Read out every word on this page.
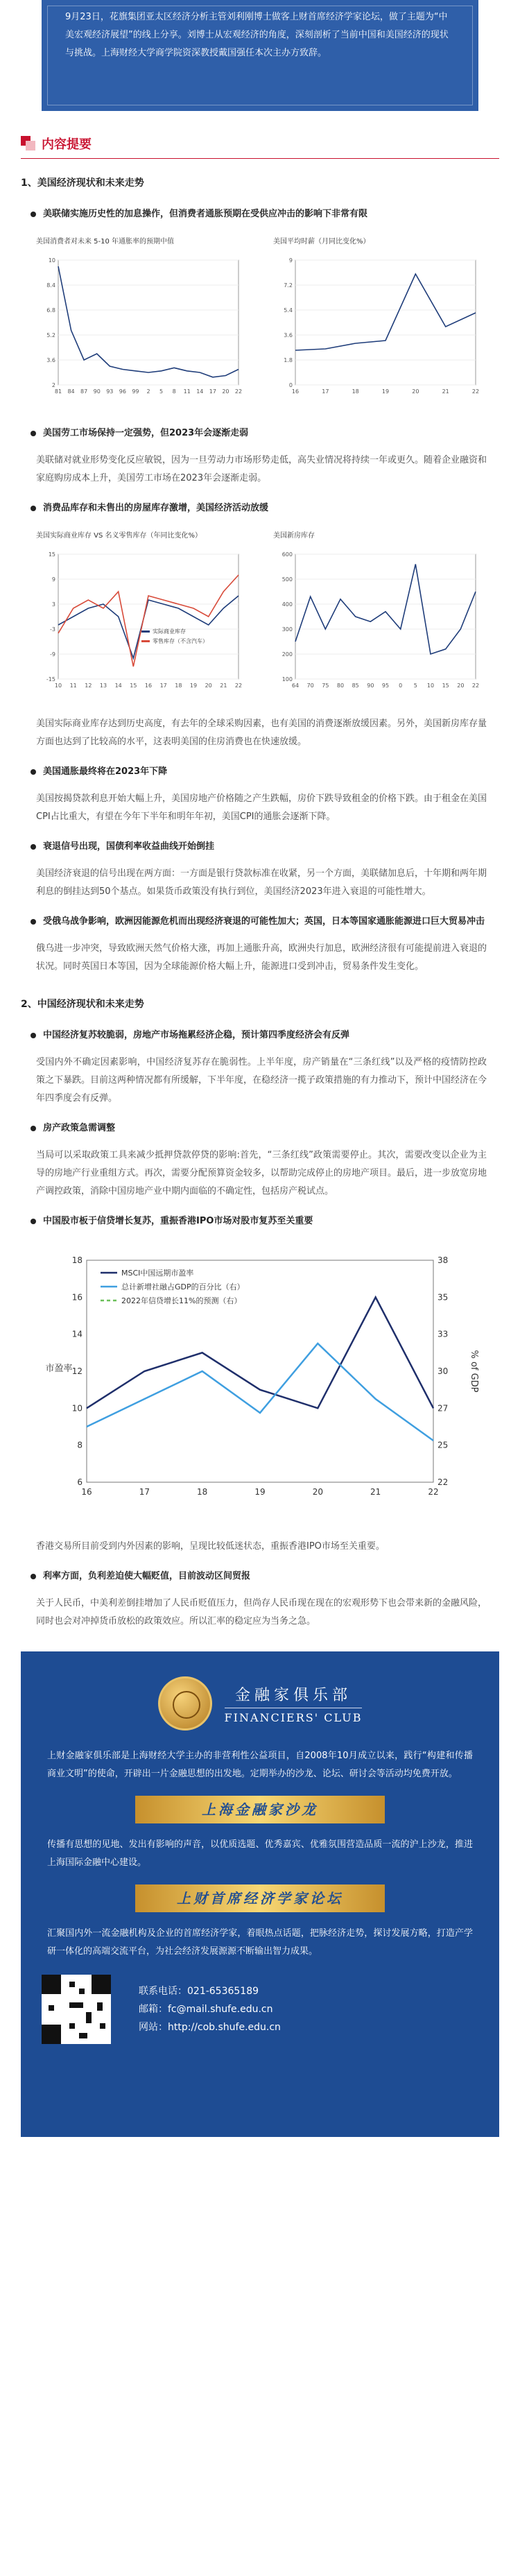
9月23日，花旗集团亚太区经济分析主管刘利刚博士做客上财首席经济学家论坛，做了主题为“中美宏观经济展望”的线上分享。刘博士从宏观经济的角度，深刻剖析了当前中国和美国经济的现状与挑战。上海财经大学商学院资深教授戴国强任本次主办方致辞。

内容提要
1、美国经济现状和未来走势
美联储实施历史性的加息操作，但消费者通胀预期在受供应冲击的影响下非常有限
2
3.6
5.2
6.8
8.4
10
81 84 87 90 93 96 99 2 5 8 11 14 17 20 22
美国消费者对未来 5-10 年通胀率的预期中值
0
1.8
3.6
5.4
7.2
9
16	17	18	19	20	21	22
美国平均时薪（月同比变化%）
美国劳工市场保持一定强势，但2023年会逐渐走弱

美联储对就业形势变化反应敏锐，因为一旦劳动力市场形势走低，高失业情况将持续一年或更久。随着企业融资和家庭购房成本上升，美国劳工市场在2023年会逐渐走弱。

消费品库存和未售出的房屋库存激增，美国经济活动放缓
-15
-9
-3
3
9
15
10 11 12 13 14 15 16 17 18 19 20 21 22
实际商业库存
零售库存（不含汽车）
美国实际商业库存 VS 名义零售库存（年同比变化%）
100
200
300
400
500
600
64 70 75 80 85 90 95 0 5 10 15 20 22
美国新房库存

美国实际商业库存达到历史高度，有去年的全球采购因素，也有美国的消费逐渐放缓因素。另外，美国新房库存量方面也达到了比较高的水平，这表明美国的住房消费也在快速放缓。

美国通胀最终将在2023年下降

美国按揭贷款利息开始大幅上升，美国房地产价格随之产生跌幅，房价下跌导致租金的价格下跌。由于租金在美国CPI占比重大，有望在今年下半年和明年年初，美国CPI的通胀会逐渐下降。

衰退信号出现，国债利率收益曲线开始倒挂

美国经济衰退的信号出现在两方面：一方面是银行贷款标准在收紧，另一个方面，美联储加息后，十年期和两年期利息的倒挂达到50个基点。如果货币政策没有执行到位，美国经济2023年进入衰退的可能性增大。

受俄乌战争影响，欧洲因能源危机而出现经济衰退的可能性加大；英国，日本等国家通胀能源进口巨大贸易冲击

俄乌进一步冲突，导致欧洲天然气价格大涨，再加上通胀升高，欧洲央行加息，欧洲经济很有可能提前进入衰退的状况。同时英国日本等国，因为全球能源价格大幅上升，能源进口受到冲击，贸易条件发生变化。

2、中国经济现状和未来走势
中国经济复苏较脆弱，房地产市场拖累经济企稳，预计第四季度经济会有反弹

受国内外不确定因素影响，中国经济复苏存在脆弱性。上半年度，房产销量在“三条红线”以及严格的疫情防控政策之下暴跌。目前这两种情况都有所缓解，下半年度，在稳经济一揽子政策措施的有力推动下，预计中国经济在今年四季度会有反弹。

房产政策急需调整

当局可以采取政策工具来减少抵押贷款停贷的影响:首先，“三条红线”政策需要停止。其次，需要改变以企业为主导的房地产行业重组方式。再次，需要分配预算资金较多，以帮助完成停止的房地产项目。最后，进一步放宽房地产调控政策，消除中国房地产业中期内面临的不确定性，包括房产税试点。

中国股市板于信贷增长复苏，重振香港IPO市场对股市复苏至关重要
6	22
8	25
10	27
12	30
14	33
16	35
18	38
16	17	18	19	20	21	22
市盈率	% of GDP
MSCI中国远期市盈率
总计新增社融占GDP的百分比（右）
2022年信贷增长11%的预测（右）

香港交易所目前受到内外因素的影响，呈现比较低迷状态，重振香港IPO市场至关重要。

利率方面，负利差迫使大幅贬值，目前波动区间贸报

关于人民币，中美利差倒挂增加了人民币贬值压力，但尚存人民币现在现在的宏观形势下也会带来新的金融风险，同时也会对冲掉货币放松的政策效应。所以汇率的稳定应为当务之急。

金融家俱乐部
FINANCIERS' CLUB

上财金融家俱乐部是上海财经大学主办的非营利性公益项目，自2008年10月成立以来，践行“构建和传播商业文明”的使命，开辟出一片金融思想的出发地。定期举办的沙龙、论坛、研讨会等活动均免费开放。

上海金融家沙龙

传播有思想的见地、发出有影响的声音，以优质选题、优秀嘉宾、优雅氛围营造品质一流的沪上沙龙，推进上海国际金融中心建设。

上财首席经济学家论坛

汇聚国内外一流金融机构及企业的首席经济学家，着眼热点话题，把脉经济走势，探讨发展方略，打造产学研一体化的高端交流平台，为社会经济发展源源不断输出智力成果。

联系电话：021-65365189
邮箱：fc@mail.shufe.edu.cn
网站：http://cob.shufe.edu.cn
